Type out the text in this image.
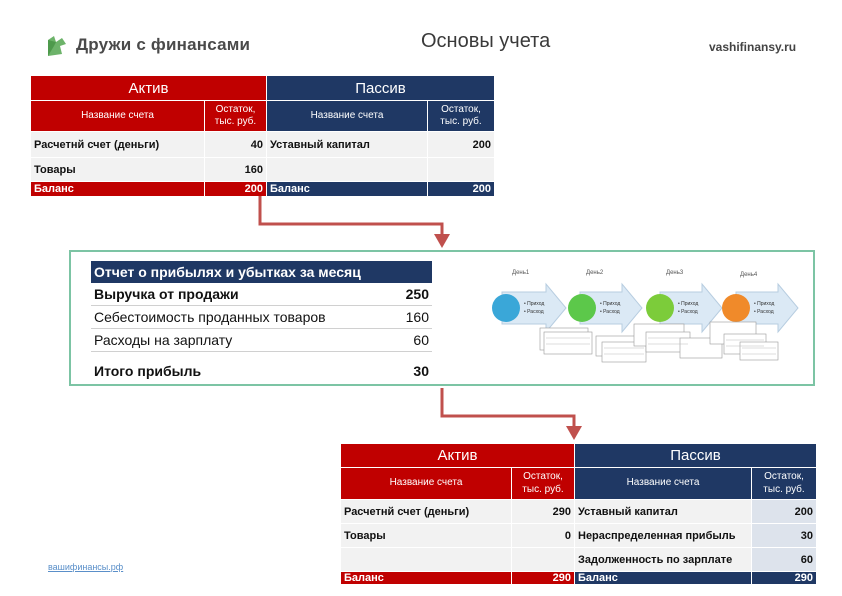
Дружи с финансами	Основы учета	vashifinansy.ru
Актив		Пассив	
Название счета	Остаток, тыс. руб.	Название счета	Остаток, тыс. руб.
Расчетнй счет (деньги)	40	Уставный капитал	200
Товары	160		
Баланс	200	Баланс	200
Отчет о прибылях и убытках за месяц	
Выручка от продажи	250
Себестоимость проданных товаров	160
Расходы на зарплату	60

Итого прибыль	30
День1	День2	День3	День4
• Приход
• Расход
• Приход
• Расход
• Приход
• Расход
• Приход
• Расход
Актив		Пассив	
Название счета	Остаток, тыс. руб.	Название счета	Остаток, тыс. руб.
Расчетнй счет (деньги)	290	Уставный капитал	200
Товары	0	Нераспределенная прибыль	30
		Задолженность по зарплате	60
Баланс	290	Баланс	290
вашифинансы.рф
